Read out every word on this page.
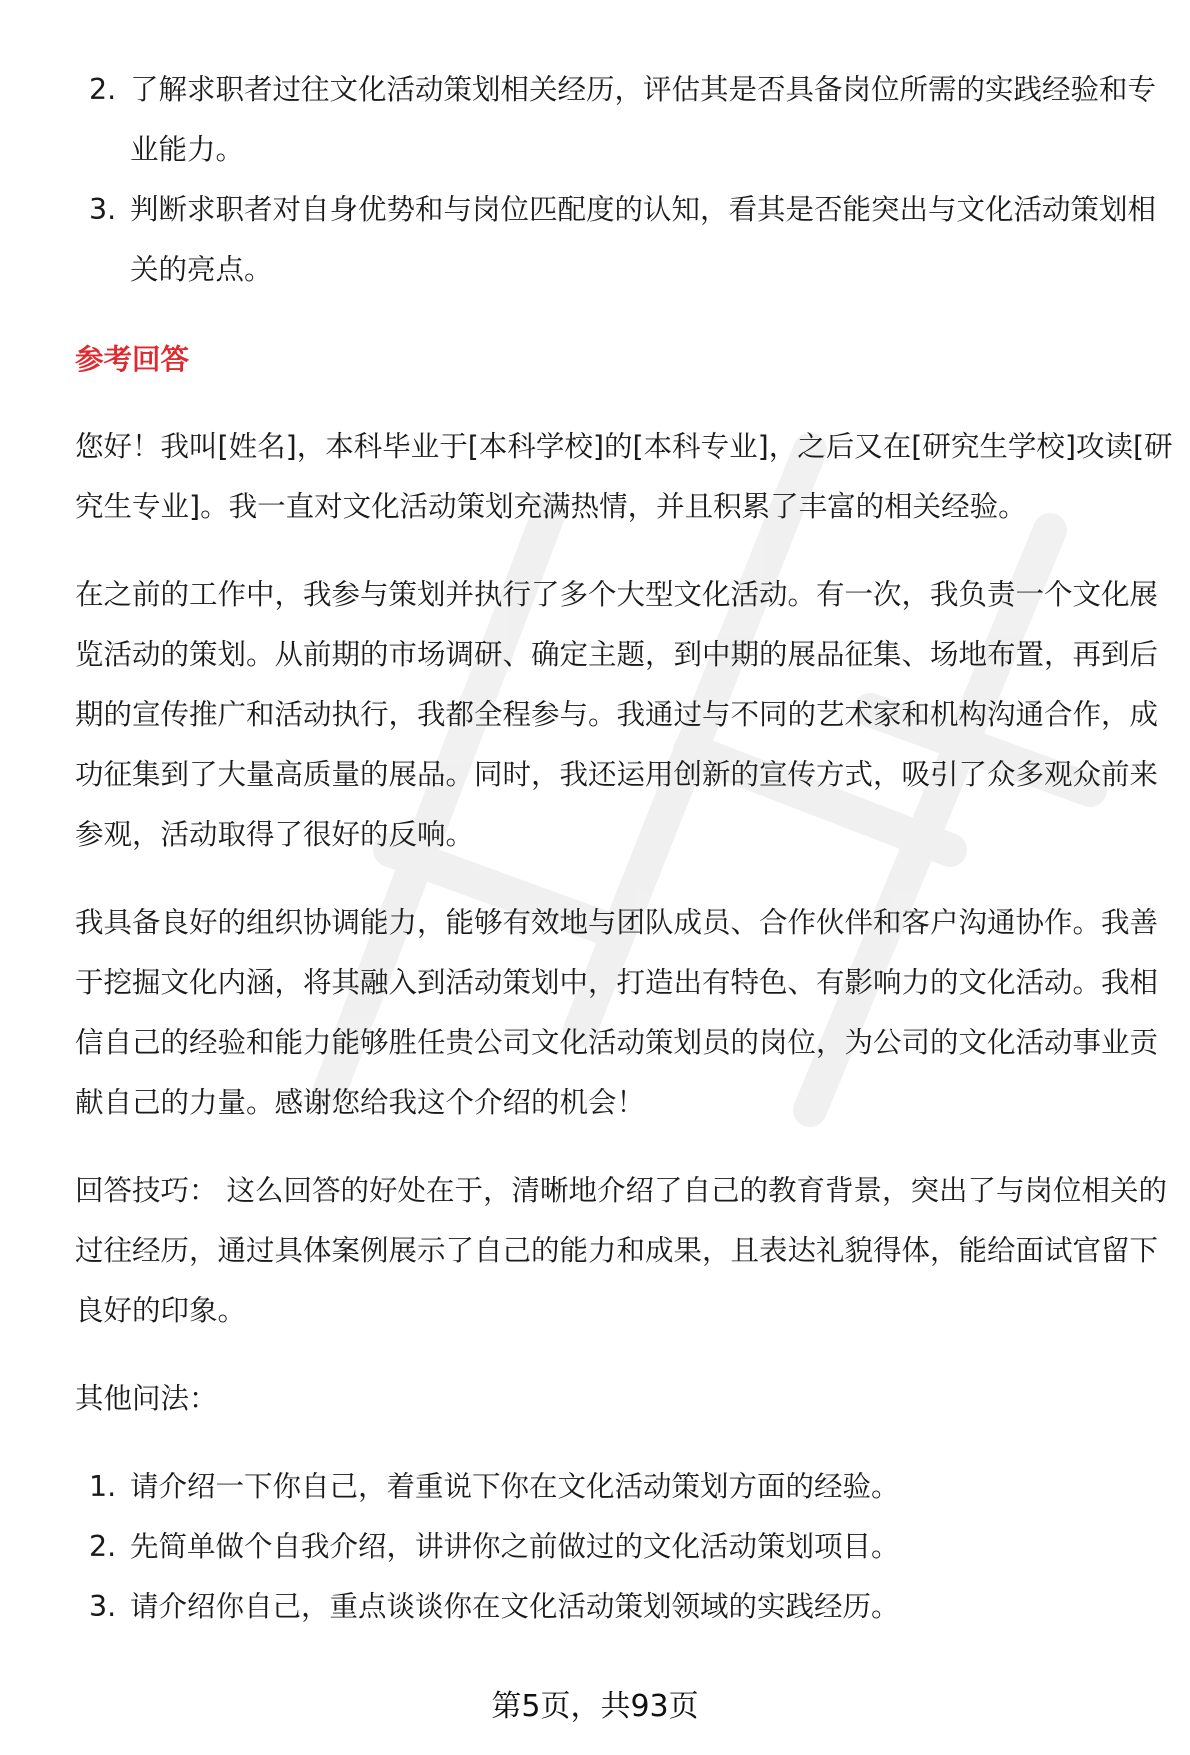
2. 了解求职者过往文化活动策划相关经历，评估其是否具备岗位所需的实践经验和专业能力。
3. 判断求职者对自身优势和与岗位匹配度的认知，看其是否能突出与文化活动策划相关的亮点。
参考回答

您好！我叫[姓名]，本科毕业于[本科学校]的[本科专业]，之后又在[研究生学校]攻读[研究生专业]。我一直对文化活动策划充满热情，并且积累了丰富的相关经验。

在之前的工作中，我参与策划并执行了多个大型文化活动。有一次，我负责一个文化展览活动的策划。从前期的市场调研、确定主题，到中期的展品征集、场地布置，再到后期的宣传推广和活动执行，我都全程参与。我通过与不同的艺术家和机构沟通合作，成功征集到了大量高质量的展品。同时，我还运用创新的宣传方式，吸引了众多观众前来参观，活动取得了很好的反响。

我具备良好的组织协调能力，能够有效地与团队成员、合作伙伴和客户沟通协作。我善于挖掘文化内涵，将其融入到活动策划中，打造出有特色、有影响力的文化活动。我相信自己的经验和能力能够胜任贵公司文化活动策划员的岗位，为公司的文化活动事业贡献自己的力量。感谢您给我这个介绍的机会！

回答技巧： 这么回答的好处在于，清晰地介绍了自己的教育背景，突出了与岗位相关的过往经历，通过具体案例展示了自己的能力和成果，且表达礼貌得体，能给面试官留下良好的印象。

其他问法：

1. 请介绍一下你自己，着重说下你在文化活动策划方面的经验。
2. 先简单做个自我介绍，讲讲你之前做过的文化活动策划项目。
3. 请介绍你自己，重点谈谈你在文化活动策划领域的实践经历。
第5页，共93页
